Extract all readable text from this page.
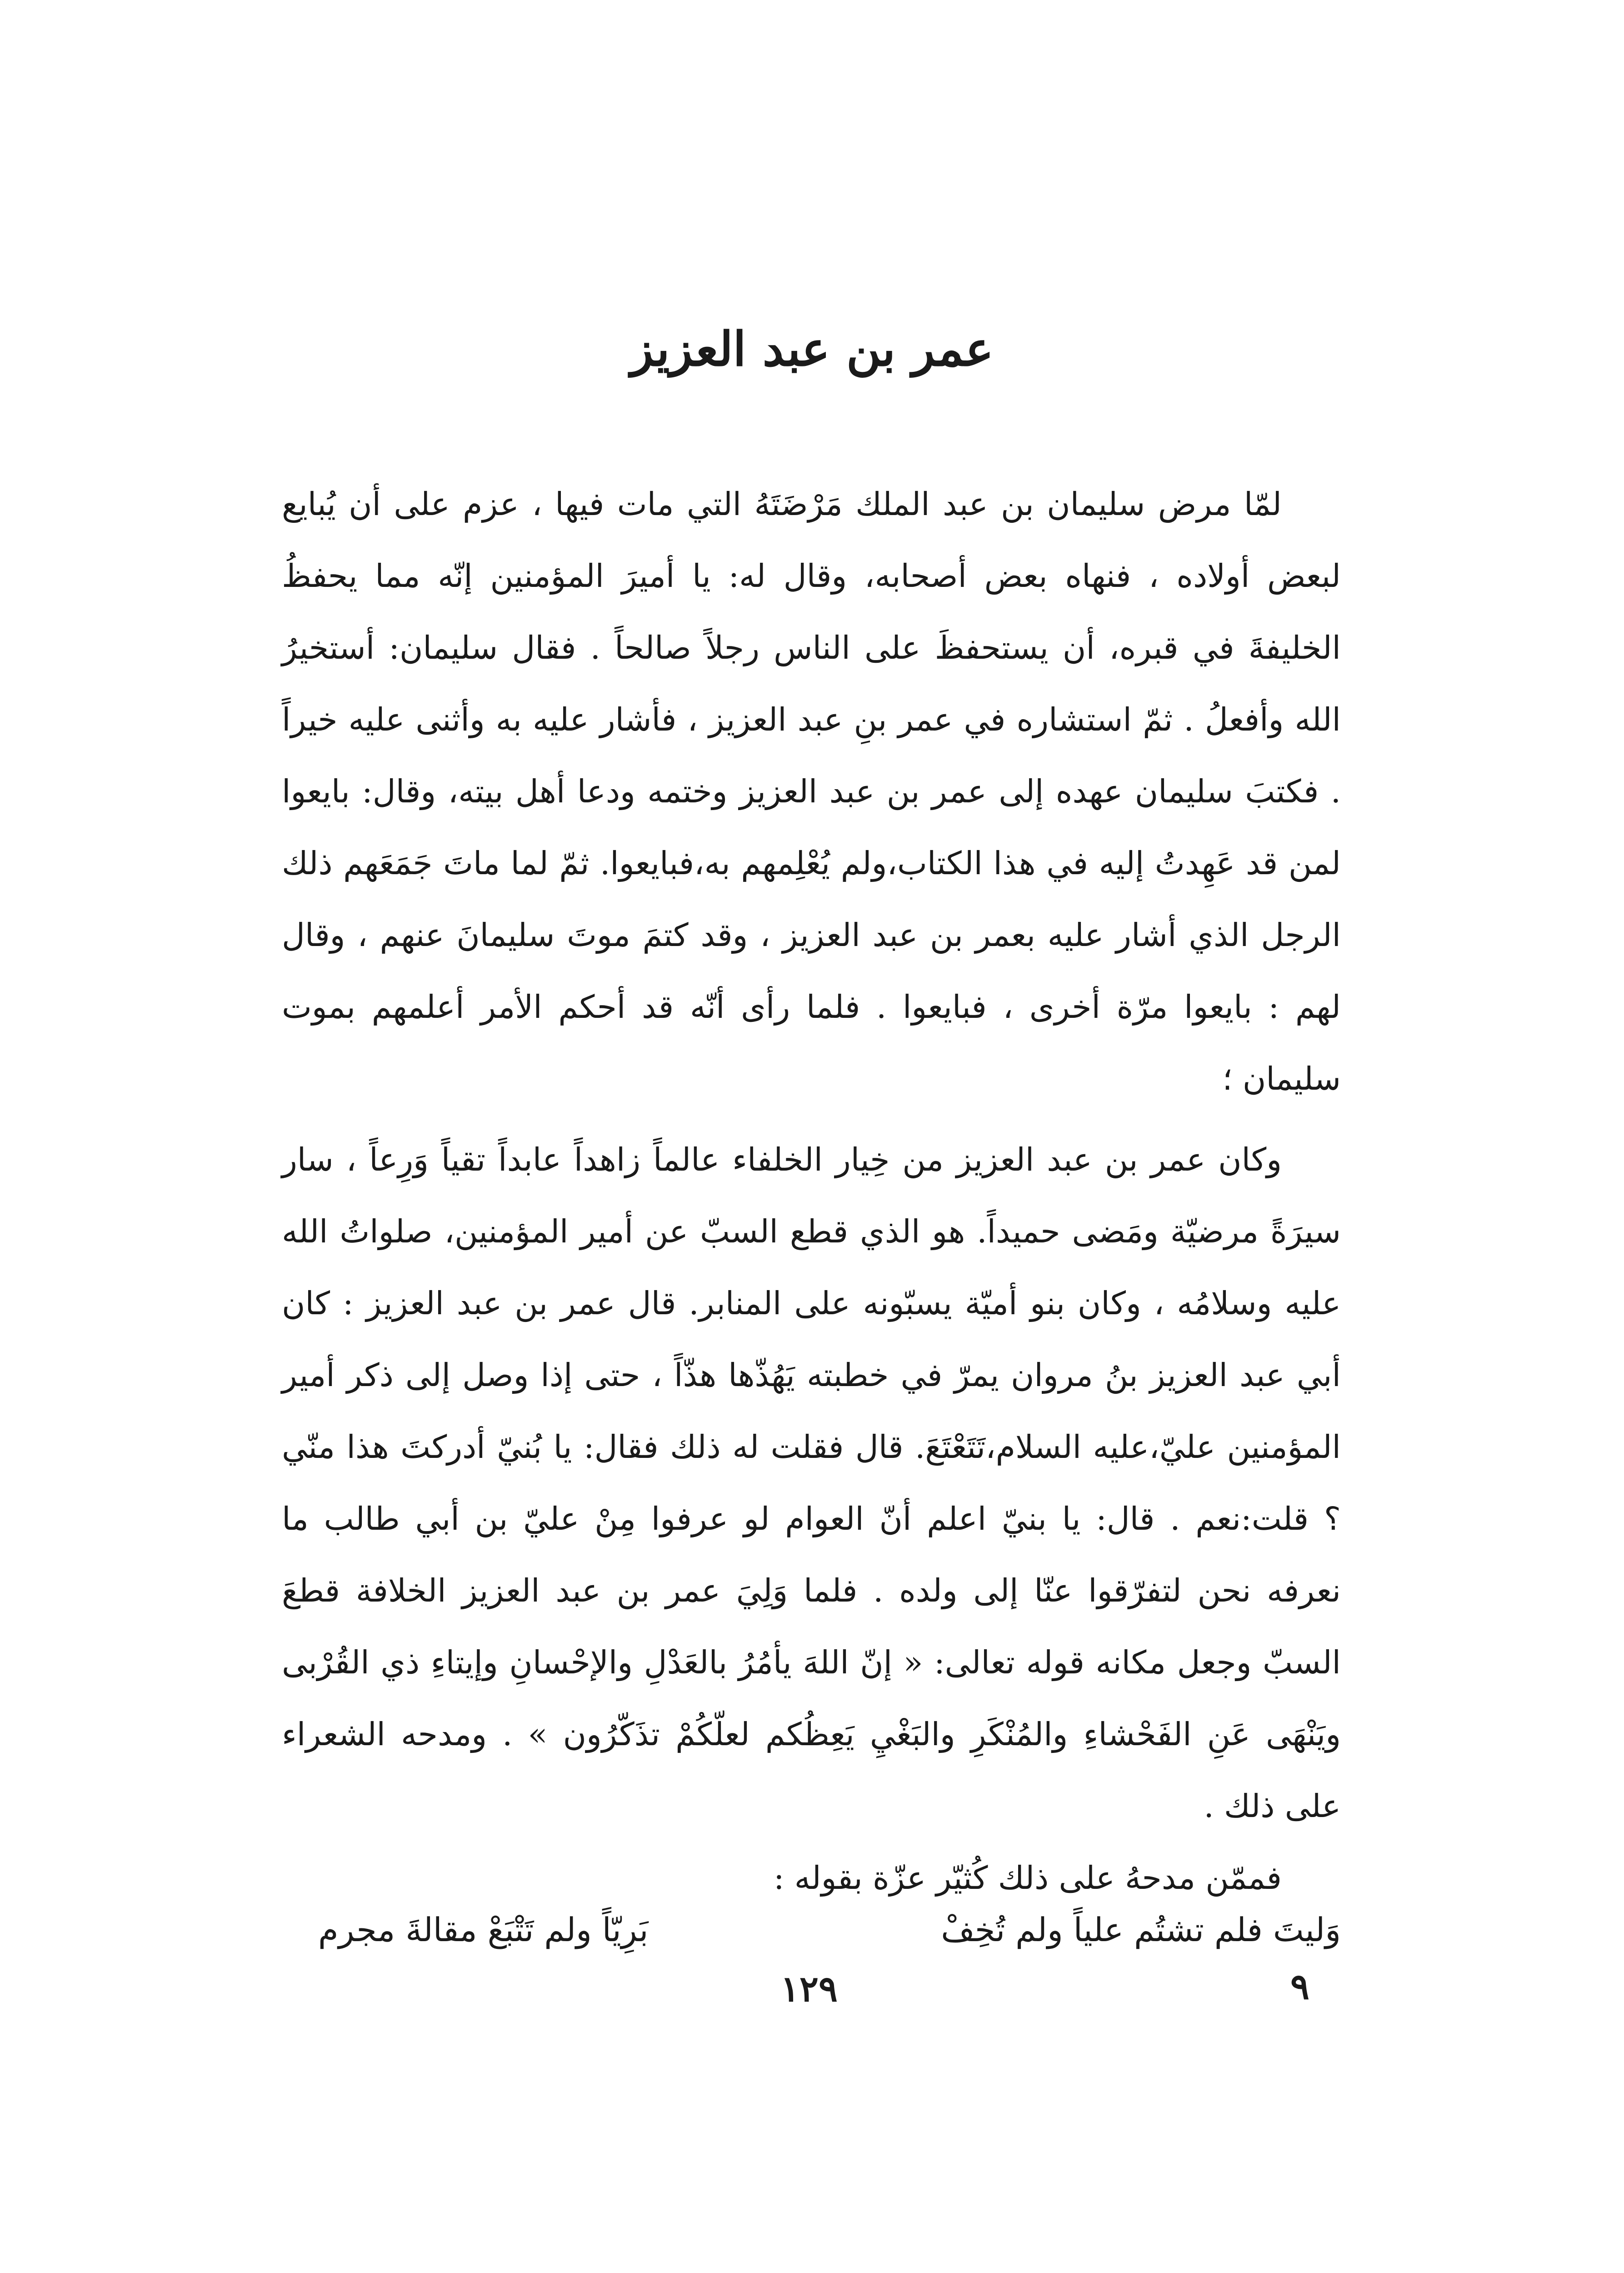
عمر بن عبد العزيز

لمّا مرض سليمان بن عبد الملك مَرْضَتَهُ التي مات فيها ، عزم على أن يُبايع لبعض أولاده ، فنهاه بعض أصحابه، وقال له: يا أميرَ المؤمنين إنّه مما يحفظُ الخليفةَ في قبره، أن يستحفظَ على الناس رجلاً صالحاً . فقال سليمان: أستخيرُ الله وأفعلُ . ثمّ استشاره في عمر بنِ عبد العزيز ، فأشار عليه به وأثنى عليه خيراً . فكتبَ سليمان عهده إلى عمر بن عبد العزيز وختمه ودعا أهل بيته، وقال: بايعوا لمن قد عَهِدتُ إليه في هذا الكتاب،ولم يُعْلِمهم به،فبايعوا. ثمّ لما ماتَ جَمَعَهم ذلك الرجل الذي أشار عليه بعمر بن عبد العزيز ، وقد كتمَ موتَ سليمانَ عنهم ، وقال لهم : بايعوا مرّة أخرى ، فبايعوا . فلما رأى أنّه قد أحكم الأمر أعلمهم بموت سليمان ؛

وكان عمر بن عبد العزيز من خِيار الخلفاء عالماً زاهداً عابداً تقياً وَرِعاً ، سار سيرَةً مرضيّة ومَضى حميداً. هو الذي قطع السبّ عن أمير المؤمنين، صلواتُ الله عليه وسلامُه ، وكان بنو أميّة يسبّونه على المنابر. قال عمر بن عبد العزيز : كان أبي عبد العزيز بنُ مروان يمرّ في خطبته يَهُذّها هذّاً ، حتى إذا وصل إلى ذكر أمير المؤمنين عليّ،عليه السلام،تَتَعْتَعَ. قال فقلت له ذلك فقال: يا بُنيّ أدركتَ هذا منّي ؟ قلت:نعم . قال: يا بنيّ اعلم أنّ العوام لو عرفوا مِنْ عليّ بن أبي طالب ما نعرفه نحن لتفرّقوا عنّا إلى ولده . فلما وَلِيَ عمر بن عبد العزيز الخلافة قطعَ السبّ وجعل مكانه قوله تعالى: « إنّ اللهَ يأمُرُ بالعَدْلِ والإحْسانِ وإيتاءِ ذي القُرْبى ويَنْهَى عَنِ الفَحْشاءِ والمُنْكَرِ والبَغْيِ يَعِظُكم لعلّكُمْ تذَكّرُون » . ومدحه الشعراء على ذلك .

فممّن مدحهُ على ذلك كُثيّر عزّة بقوله :

وَليتَ فلم تشتُم علياً ولم تُخِفْ
بَرِيّاً ولم تَتْبَعْ مقالةَ مجرم
١٢٩	٩
